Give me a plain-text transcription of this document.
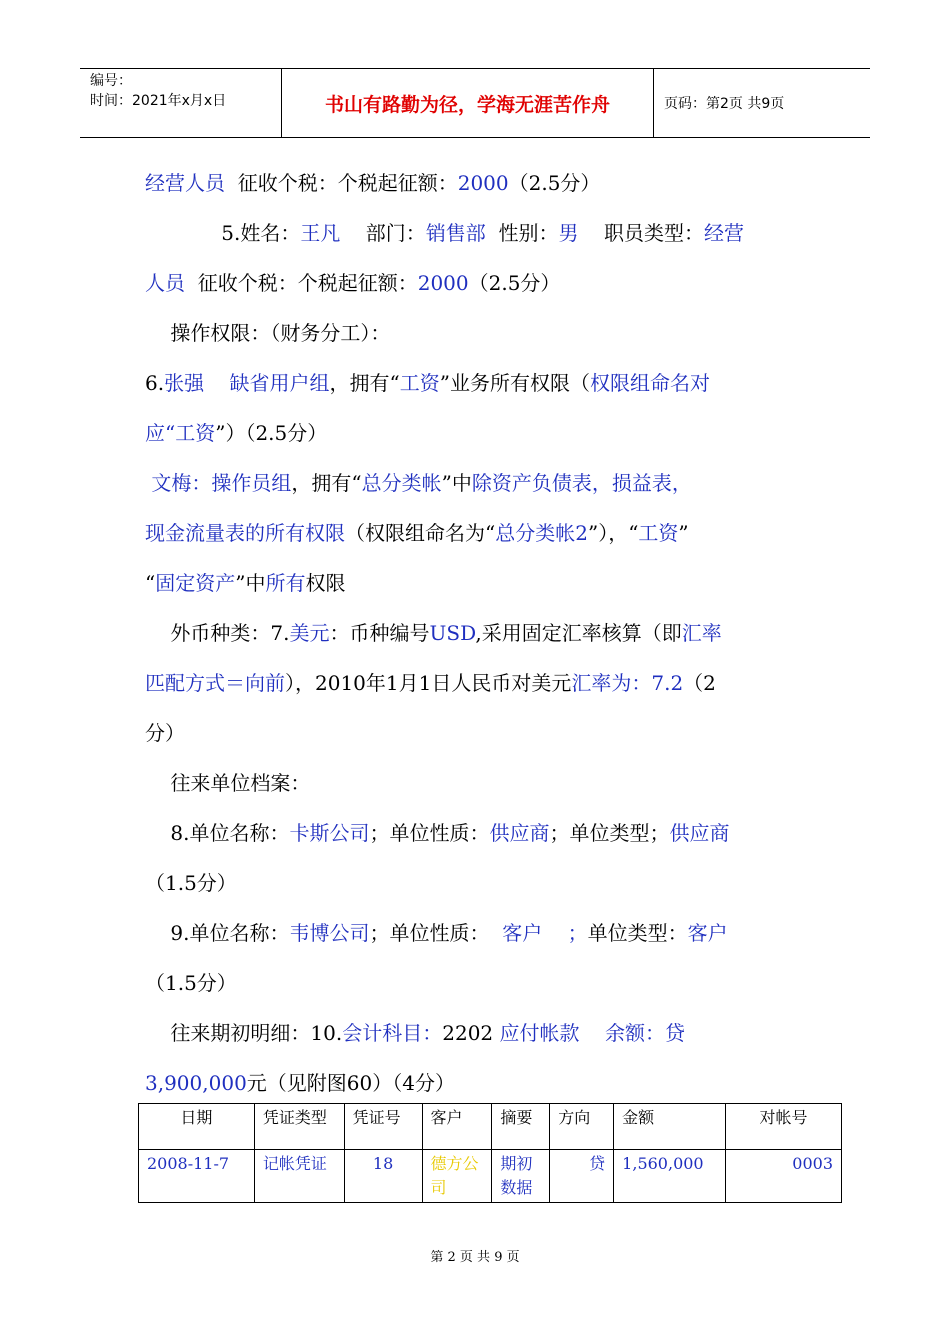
编号：
时间：2021年x月x日	书山有路勤为径，学海无涯苦作舟	页码：第2页 共9页
经营人员  征收个税：个税起征额：2000（2.5分）
5.姓名：王凡    部门：销售部  性别：男    职员类型：经营
人员  征收个税：个税起征额：2000（2.5分）
操作权限：（财务分工）：
6.张强    缺省用户组，拥有“工资”业务所有权限（权限组命名对
应“工资”）（2.5分）
文梅：操作员组，拥有“总分类帐”中除资产负债表，损益表，
现金流量表的所有权限（权限组命名为“总分类帐2”），“工资”
“固定资产”中所有权限
外币种类：7.美元：币种编号USD,采用固定汇率核算（即汇率
匹配方式＝向前），2010年1月1日人民币对美元汇率为：7.2（2
分）
往来单位档案：
8.单位名称：卡斯公司；单位性质：供应商；单位类型；供应商
（1.5分）
9.单位名称：韦博公司；单位性质：  客户    ；单位类型：客户
（1.5分）
往来期初明细：10.会计科目：2202 应付帐款    余额：贷
3,900,000元（见附图60）（4分）
日期	凭证类型	凭证号	客户	摘要	方向	金额	对帐号
2008-11-7	记帐凭证	18	德方公司	期初数据	贷	1,560,000	0003
第 2 页 共 9 页
